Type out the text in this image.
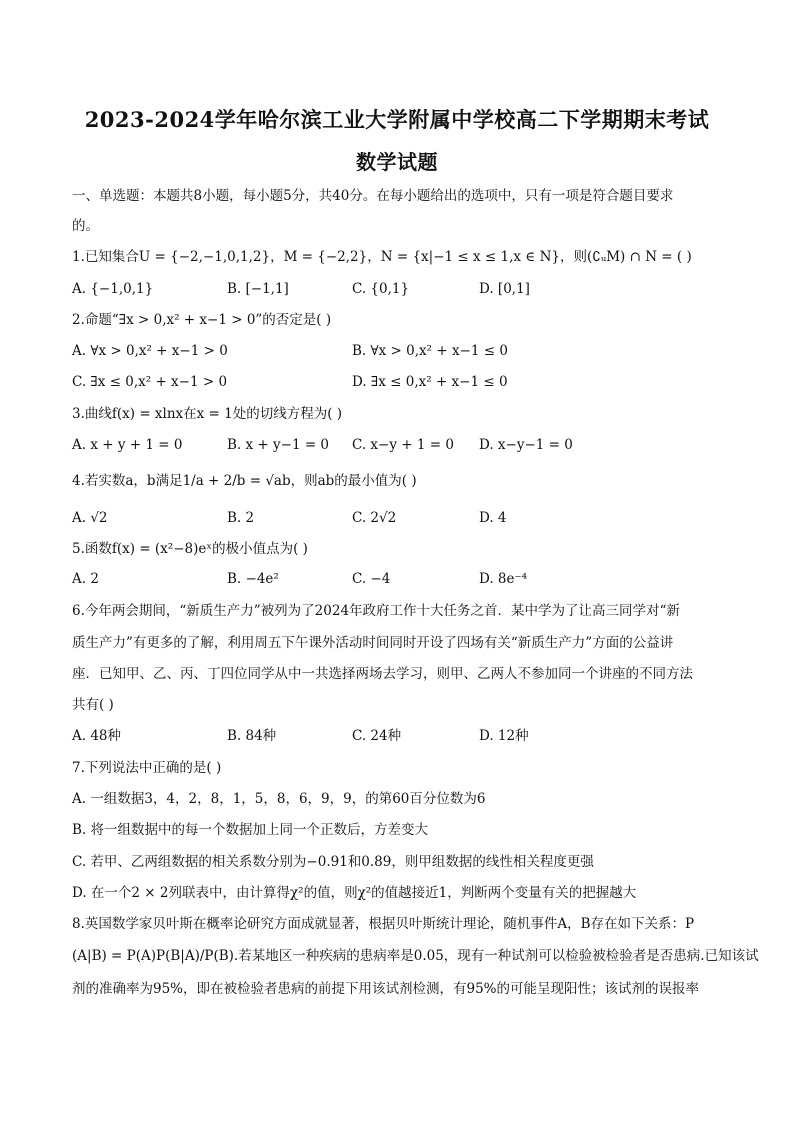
2023-2024学年哈尔滨工业大学附属中学校高二下学期期末考试
数学试题
一、单选题：本题共8小题，每小题5分，共40分。在每小题给出的选项中，只有一项是符合题目要求
的。
1.已知集合U = {−2,−1,0,1,2}，M = {−2,2}，N = {x|−1 ≤ x ≤ 1,x ∈ N}，则(∁ᵤM) ∩ N = ( )
A. {−1,0,1}	B. [−1,1]	C. {0,1}	D. [0,1]
2.命题“∃x > 0,x² + x−1 > 0”的否定是( )
A. ∀x > 0,x² + x−1 > 0	B. ∀x > 0,x² + x−1 ≤ 0
C. ∃x ≤ 0,x² + x−1 > 0	D. ∃x ≤ 0,x² + x−1 ≤ 0
3.曲线f(x) = xlnx在x = 1处的切线方程为( )
A. x + y + 1 = 0	B. x + y−1 = 0 C. x−y + 1 = 0 D. x−y−1 = 0
4.若实数a，b满足1/a + 2/b = √ab，则ab的最小值为( )
A. √2	B. 2	C. 2√2	D. 4
5.函数f(x) = (x²−8)eˣ的极小值点为( )
A. 2	B. −4e²	C. −4	D. 8e⁻⁴
6.今年两会期间，“新质生产力”被列为了2024年政府工作十大任务之首．某中学为了让高三同学对“新
质生产力”有更多的了解，利用周五下午课外活动时间同时开设了四场有关“新质生产力”方面的公益讲
座．已知甲、乙、丙、丁四位同学从中一共选择两场去学习，则甲、乙两人不参加同一个讲座的不同方法
共有( )
A. 48种	B. 84种	C. 24种	D. 12种
7.下列说法中正确的是( )
A. 一组数据3，4，2，8，1，5，8，6，9，9，的第60百分位数为6
B. 将一组数据中的每一个数据加上同一个正数后，方差变大
C. 若甲、乙两组数据的相关系数分别为−0.91和0.89，则甲组数据的线性相关程度更强
D. 在一个2 × 2列联表中，由计算得χ²的值，则χ²的值越接近1，判断两个变量有关的把握越大
8.英国数学家贝叶斯在概率论研究方面成就显著，根据贝叶斯统计理论，随机事件A，B存在如下关系：P
(A|B) = P(A)P(B|A)/P(B).若某地区一种疾病的患病率是0.05，现有一种试剂可以检验被检验者是否患病.已知该试
剂的准确率为95%，即在被检验者患病的前提下用该试剂检测，有95%的可能呈现阳性；该试剂的误报率
